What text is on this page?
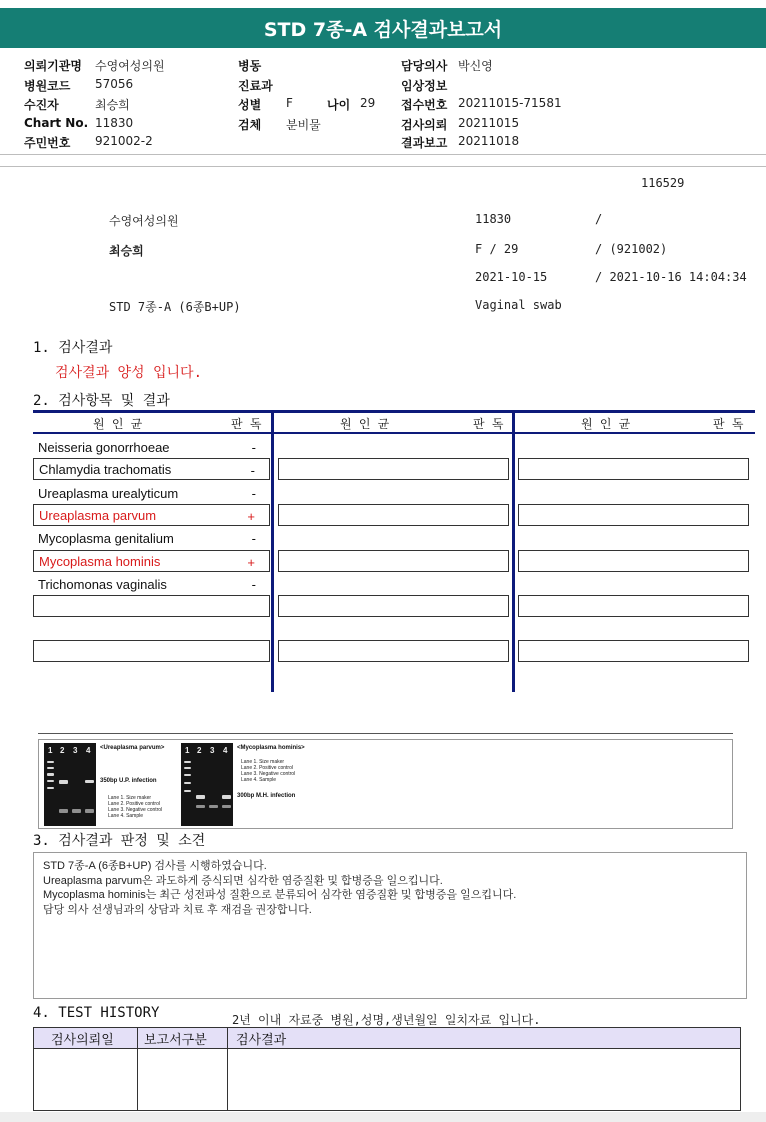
STD 7종-A 검사결과보고서
의뢰기관명 수영여성의원
병원코드 57056
수진자	최승희
Chart No. 11830
주민번호 921002-2
병동
진료과
성별 F	나이 29
검체 분비물
담당의사 박신영
임상정보
접수번호 20211015-71581
검사의뢰 20211015
결과보고 20211018
116529
수영여성의원	11830	/
최승희	F / 29	/ (921002)
2021-10-15	/ 2021-10-16 14:04:34
STD 7종-A (6종B+UP)	Vaginal swab
1. 검사결과
검사결과 양성 입니다.
2. 검사항목 및 결과
원 인 균	판 독	원 인 균	판 독	원 인 균	판 독
Neisseria gonorrhoeae	-
Chlamydia trachomatis	-
Ureaplasma urealyticum	-
Ureaplasma parvum	+
Mycoplasma genitalium	-
Mycoplasma hominis	+
Trichomonas vaginalis	-
1 2 3 4 <Ureaplasma parvum>
350bp U.P. infection
Lane 1. Size maker
Lane 2. Positive control
Lane 3. Negative control
Lane 4. Sample
1 2 3 4 <Mycoplasma hominis>
Lane 1. Size maker
Lane 2. Positive control
Lane 3. Negative control
Lane 4. Sample
300bp M.H. infection
3. 검사결과 판정 및 소견
STD 7종-A (6종B+UP) 검사를 시행하였습니다.
Ureaplasma parvum은 과도하게 증식되면 심각한 염증질환 및 합병증을 일으킵니다.
Mycoplasma hominis는 최근 성전파성 질환으로 분류되어 심각한 염증질환 및 합병증을 일으킵니다.
담당 의사 선생님과의 상담과 치료 후 재검을 권장합니다.
4. TEST HISTORY	2년 이내 자료중 병원,성명,생년월일 일치자료 입니다.
검사의뢰일 보고서구분 검사결과
